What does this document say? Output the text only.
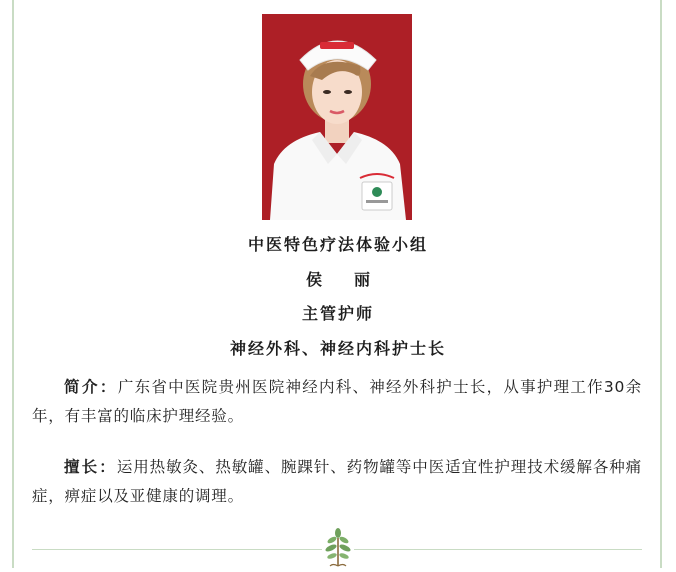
中医特色疗法体验小组
侯 丽
主管护师
神经外科、神经内科护士长
简介：广东省中医院贵州医院神经内科、神经外科护士长，从事护理工作30余年，有丰富的临床护理经验。
擅长：运用热敏灸、热敏罐、腕踝针、药物罐等中医适宜性护理技术缓解各种痛症，痹症以及亚健康的调理。
